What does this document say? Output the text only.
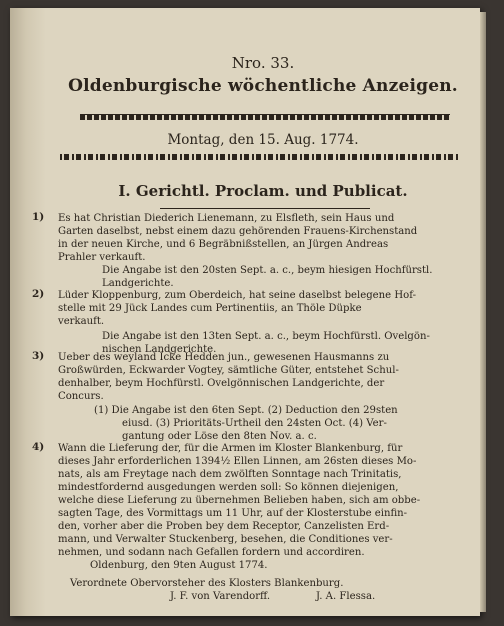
Nro. 33.
Oldenburgische wöchentliche Anzeigen.
Montag, den 15. Aug. 1774.
I. Gerichtl. Proclam. und Publicat.
1) Es hat Christian Diederich Lienemann, zu Elsfleth, sein Haus und
Garten daselbst, nebst einem dazu gehörenden Frauens-Kirchenstand
in der neuen Kirche, und 6 Begräbnißstellen, an Jürgen Andreas
Prahler verkauft.
Die Angabe ist den 20sten Sept. a. c., beym hiesigen Hochfürstl.
Landgerichte.
2) Lüder Kloppenburg, zum Oberdeich, hat seine daselbst belegene Hof-
stelle mit 29 Jück Landes cum Pertinentiis, an Thöle Düpke
verkauft.
Die Angabe ist den 13ten Sept. a. c., beym Hochfürstl. Ovelgön-
nischen Landgerichte.
3) Ueber des weyland Icke Hedden jun., gewesenen Hausmanns zu
Großwürden, Eckwarder Vogtey, sämtliche Güter, entstehet Schul-
denhalber, beym Hochfürstl. Ovelgönnischen Landgerichte, der
Concurs.
(1) Die Angabe ist den 6ten Sept. (2) Deduction den 29sten
eiusd. (3) Prioritäts-Urtheil den 24sten Oct. (4) Ver-
gantung oder Löse den 8ten Nov. a. c.
4) Wann die Lieferung der, für die Armen im Kloster Blankenburg, für
dieses Jahr erforderlichen 1394½ Ellen Linnen, am 26sten dieses Mo-
nats, als am Freytage nach dem zwölften Sonntage nach Trinitatis,
mindestfordernd ausgedungen werden soll: So können diejenigen,
welche diese Lieferung zu übernehmen Belieben haben, sich am obbe-
sagten Tage, des Vormittags um 11 Uhr, auf der Klosterstube einfin-
den, vorher aber die Proben bey dem Receptor, Canzelisten Erd-
mann, und Verwalter Stuckenberg, besehen, die Conditiones ver-
nehmen, und sodann nach Gefallen fordern und accordiren.
Oldenburg, den 9ten August 1774.
Verordnete Obervorsteher des Klosters Blankenburg.
J. F. von Varendorff.	J. A. Flessa.
